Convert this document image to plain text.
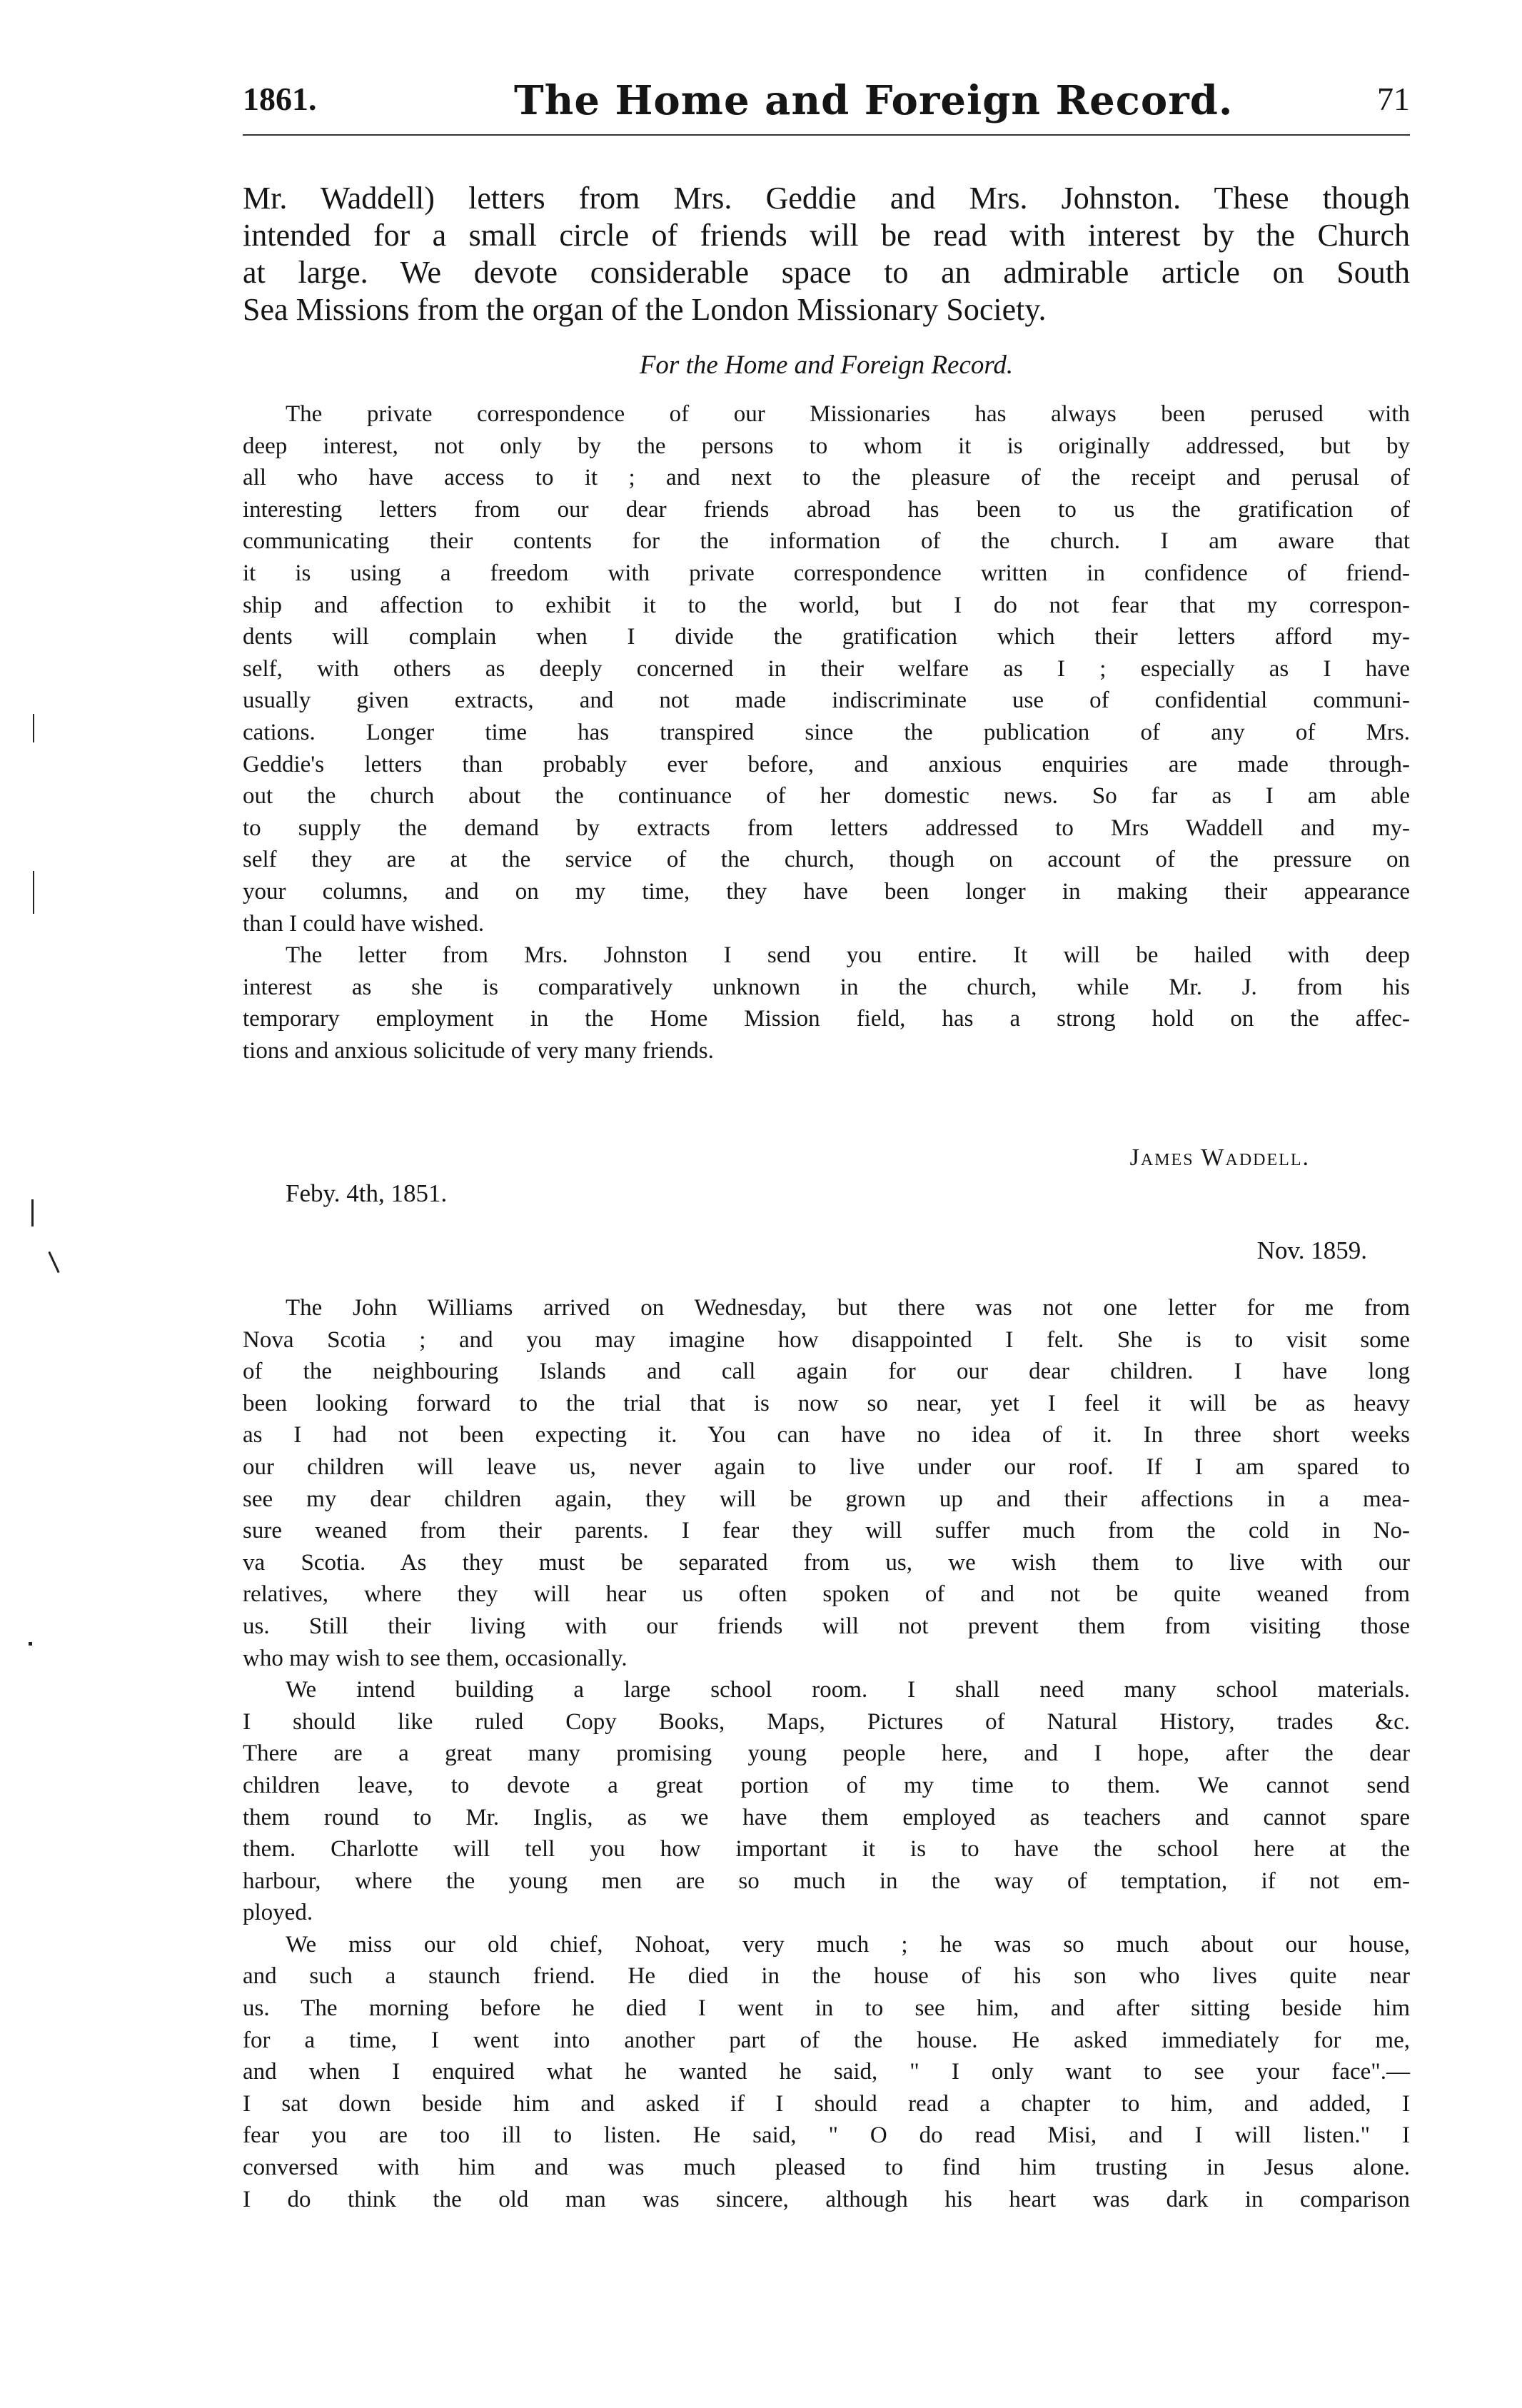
1861.	The Home and Foreign Record.	71
Mr. Waddell) letters from Mrs. Geddie and Mrs. Johnston. These though
intended for a small circle of friends will be read with interest by the Church
at large. We devote considerable space to an admirable article on South
Sea Missions from the organ of the London Missionary Society.
For the Home and Foreign Record.
The private correspondence of our Missionaries has always been perused with
deep interest, not only by the persons to whom it is originally addressed, but by
all who have access to it ; and next to the pleasure of the receipt and perusal of
interesting letters from our dear friends abroad has been to us the gratification of
communicating their contents for the information of the church. I am aware that
it is using a freedom with private correspondence written in confidence of friend-
ship and affection to exhibit it to the world, but I do not fear that my correspon-
dents will complain when I divide the gratification which their letters afford my-
self, with others as deeply concerned in their welfare as I ; especially as I have
usually given extracts, and not made indiscriminate use of confidential communi-
cations. Longer time has transpired since the publication of any of Mrs.
Geddie's letters than probably ever before, and anxious enquiries are made through-
out the church about the continuance of her domestic news. So far as I am able
to supply the demand by extracts from letters addressed to Mrs Waddell and my-
self they are at the service of the church, though on account of the pressure on
your columns, and on my time, they have been longer in making their appearance
than I could have wished.
The letter from Mrs. Johnston I send you entire. It will be hailed with deep
interest as she is comparatively unknown in the church, while Mr. J. from his
temporary employment in the Home Mission field, has a strong hold on the affec-
tions and anxious solicitude of very many friends.
James Waddell.
Feby. 4th, 1851.
Nov. 1859.
The John Williams arrived on Wednesday, but there was not one letter for me from
Nova Scotia ; and you may imagine how disappointed I felt. She is to visit some
of the neighbouring Islands and call again for our dear children. I have long
been looking forward to the trial that is now so near, yet I feel it will be as heavy
as I had not been expecting it. You can have no idea of it. In three short weeks
our children will leave us, never again to live under our roof. If I am spared to
see my dear children again, they will be grown up and their affections in a mea-
sure weaned from their parents. I fear they will suffer much from the cold in No-
va Scotia. As they must be separated from us, we wish them to live with our
relatives, where they will hear us often spoken of and not be quite weaned from
us. Still their living with our friends will not prevent them from visiting those
who may wish to see them, occasionally.
We intend building a large school room. I shall need many school materials.
I should like ruled Copy Books, Maps, Pictures of Natural History, trades &c.
There are a great many promising young people here, and I hope, after the dear
children leave, to devote a great portion of my time to them. We cannot send
them round to Mr. Inglis, as we have them employed as teachers and cannot spare
them. Charlotte will tell you how important it is to have the school here at the
harbour, where the young men are so much in the way of temptation, if not em-
ployed.
We miss our old chief, Nohoat, very much ; he was so much about our house,
and such a staunch friend. He died in the house of his son who lives quite near
us. The morning before he died I went in to see him, and after sitting beside him
for a time, I went into another part of the house. He asked immediately for me,
and when I enquired what he wanted he said, " I only want to see your face".—
I sat down beside him and asked if I should read a chapter to him, and added, I
fear you are too ill to listen. He said, " O do read Misi, and I will listen." I
conversed with him and was much pleased to find him trusting in Jesus alone.
I do think the old man was sincere, although his heart was dark in comparison
